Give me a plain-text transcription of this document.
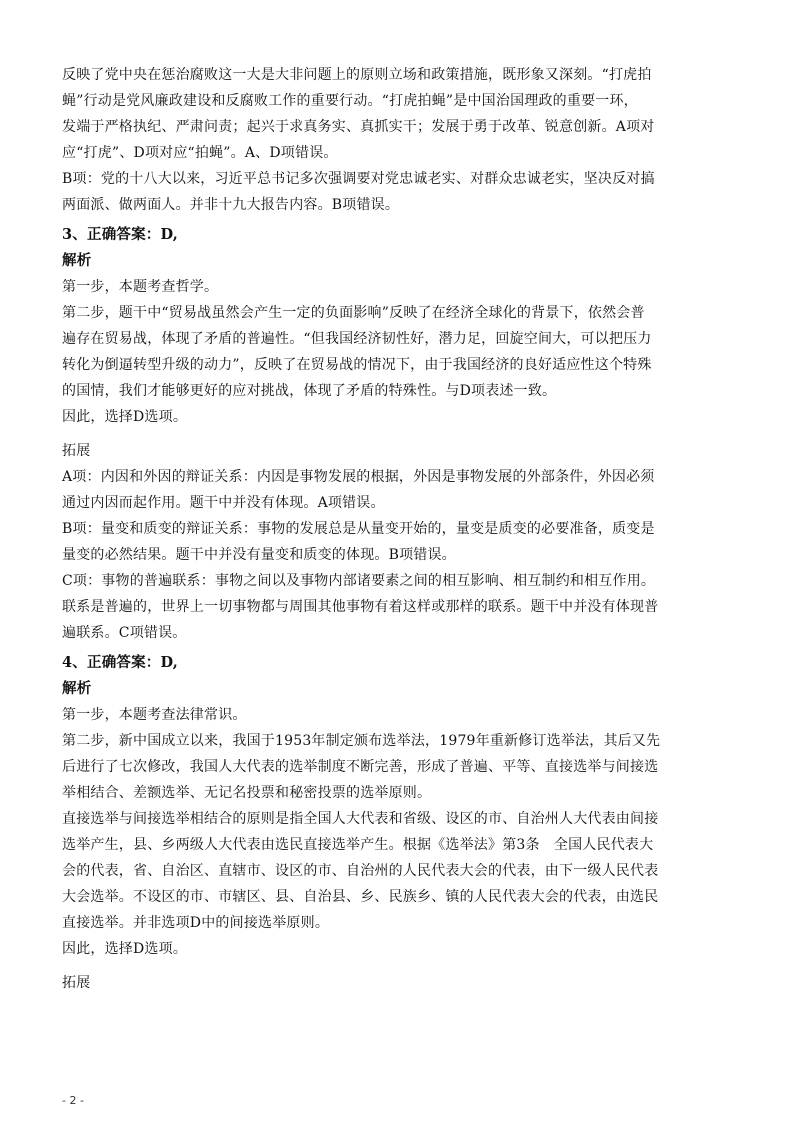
反映了党中央在惩治腐败这一大是大非问题上的原则立场和政策措施，既形象又深刻。“打虎拍

蝇”行动是党风廉政建设和反腐败工作的重要行动。“打虎拍蝇”是中国治国理政的重要一环，

发端于严格执纪、严肃问责；起兴于求真务实、真抓实干；发展于勇于改革、锐意创新。A项对

应“打虎”、D项对应“拍蝇”。A、D项错误。

B项：党的十八大以来，习近平总书记多次强调要对党忠诚老实、对群众忠诚老实，坚决反对搞

两面派、做两面人。并非十九大报告内容。B项错误。

3、正确答案：D,

解析

第一步，本题考查哲学。

第二步，题干中“贸易战虽然会产生一定的负面影响”反映了在经济全球化的背景下，依然会普

遍存在贸易战，体现了矛盾的普遍性。“但我国经济韧性好，潜力足，回旋空间大，可以把压力

转化为倒逼转型升级的动力”，反映了在贸易战的情况下，由于我国经济的良好适应性这个特殊

的国情，我们才能够更好的应对挑战，体现了矛盾的特殊性。与D项表述一致。

因此，选择D选项。

拓展

A项：内因和外因的辩证关系：内因是事物发展的根据，外因是事物发展的外部条件，外因必须

通过内因而起作用。题干中并没有体现。A项错误。

B项：量变和质变的辩证关系：事物的发展总是从量变开始的，量变是质变的必要准备，质变是

量变的必然结果。题干中并没有量变和质变的体现。B项错误。

C项：事物的普遍联系：事物之间以及事物内部诸要素之间的相互影响、相互制约和相互作用。

联系是普遍的，世界上一切事物都与周围其他事物有着这样或那样的联系。题干中并没有体现普

遍联系。C项错误。

4、正确答案：D,

解析

第一步，本题考查法律常识。

第二步，新中国成立以来，我国于1953年制定颁布选举法，1979年重新修订选举法，其后又先

后进行了七次修改，我国人大代表的选举制度不断完善，形成了普遍、平等、直接选举与间接选

举相结合、差额选举、无记名投票和秘密投票的选举原则。

直接选举与间接选举相结合的原则是指全国人大代表和省级、设区的市、自治州人大代表由间接

选举产生，县、乡两级人大代表由选民直接选举产生。根据《选举法》第3条　全国人民代表大

会的代表，省、自治区、直辖市、设区的市、自治州的人民代表大会的代表，由下一级人民代表

大会选举。不设区的市、市辖区、县、自治县、乡、民族乡、镇的人民代表大会的代表，由选民

直接选举。并非选项D中的间接选举原则。

因此，选择D选项。

拓展

- 2 -
